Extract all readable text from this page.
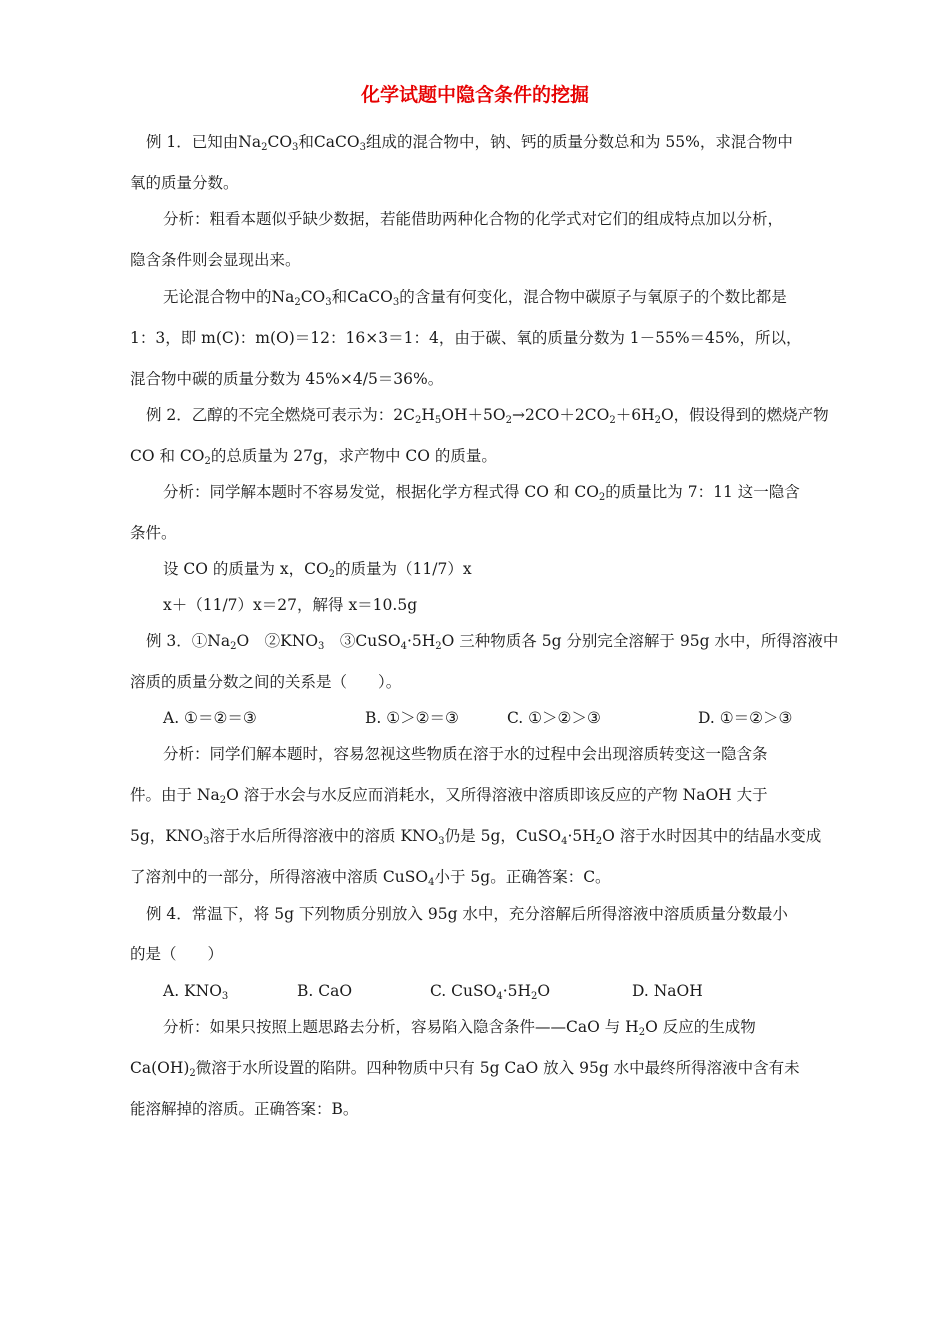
化学试题中隐含条件的挖掘
例 1．已知由$Na_2CO_3$和CaCO$_3$组成的混合物中，钠、钙的质量分数总和为 55%，求混合物中
氧的质量分数。
分析：粗看本题似乎缺少数据，若能借助两种化合物的化学式对它们的组成特点加以分析，
隐含条件则会显现出来。
无论混合物中的$Na_2CO_3$和CaCO$_3$的含量有何变化，混合物中碳原子与氧原子的个数比都是
1：3，即 m(C)：m(O)＝12：16×3＝1：4，由于碳、氧的质量分数为 1－55%＝45%，所以，
混合物中碳的质量分数为 45%×4/5＝36%。
例 2．乙醇的不完全燃烧可表示为：$2C_2H_5OH+5O_2\to 2CO+2CO_2+6H_2O$，假设得到的燃烧产物
CO 和 $CO_2$的总质量为 27g，求产物中 CO 的质量。
分析：同学解本题时不容易发觉，根据化学方程式得 CO 和 $CO_2$的质量比为 7：11 这一隐含
条件。
设 CO 的质量为 x，$CO_2$的质量为（11/7）x
x＋（11/7）x＝27，解得 x＝10.5g
例 3．$①Na_2O$　$②KNO_3$　$③CuSO_4\cdot 5H_2O$ 三种物质各 5g 分别完全溶解于 95g 水中，所得溶液中
溶质的质量分数之间的关系是（　　）。
A. ①＝②＝③	B. ①＞②＝③	C. ①＞②＞③	D. ①＝②＞③
分析：同学们解本题时，容易忽视这些物质在溶于水的过程中会出现溶质转变这一隐含条
件。由于 $Na_2O$ 溶于水会与水反应而消耗水，又所得溶液中溶质即该反应的产物 NaOH 大于
5g，$KNO_3$溶于水后所得溶液中的溶质 $KNO_3$仍是 5g，$CuSO_4\cdot 5H_2O$ 溶于水时因其中的结晶水变成
了溶剂中的一部分，所得溶液中溶质 CuSO$_4$小于 5g。正确答案：C。
例 4．常温下，将 5g 下列物质分别放入 95g 水中，充分溶解后所得溶液中溶质质量分数最小
的是（　　）
A. $KNO_3$	B. CaO	C. $CuSO_4\cdot 5H_2O$	D. NaOH
分析：如果只按照上题思路去分析，容易陷入隐含条件——CaO 与 $H_2O$ 反应的生成物
$Ca(OH)_2$微溶于水所设置的陷阱。四种物质中只有 5g CaO 放入 95g 水中最终所得溶液中含有未
能溶解掉的溶质。正确答案：B。
